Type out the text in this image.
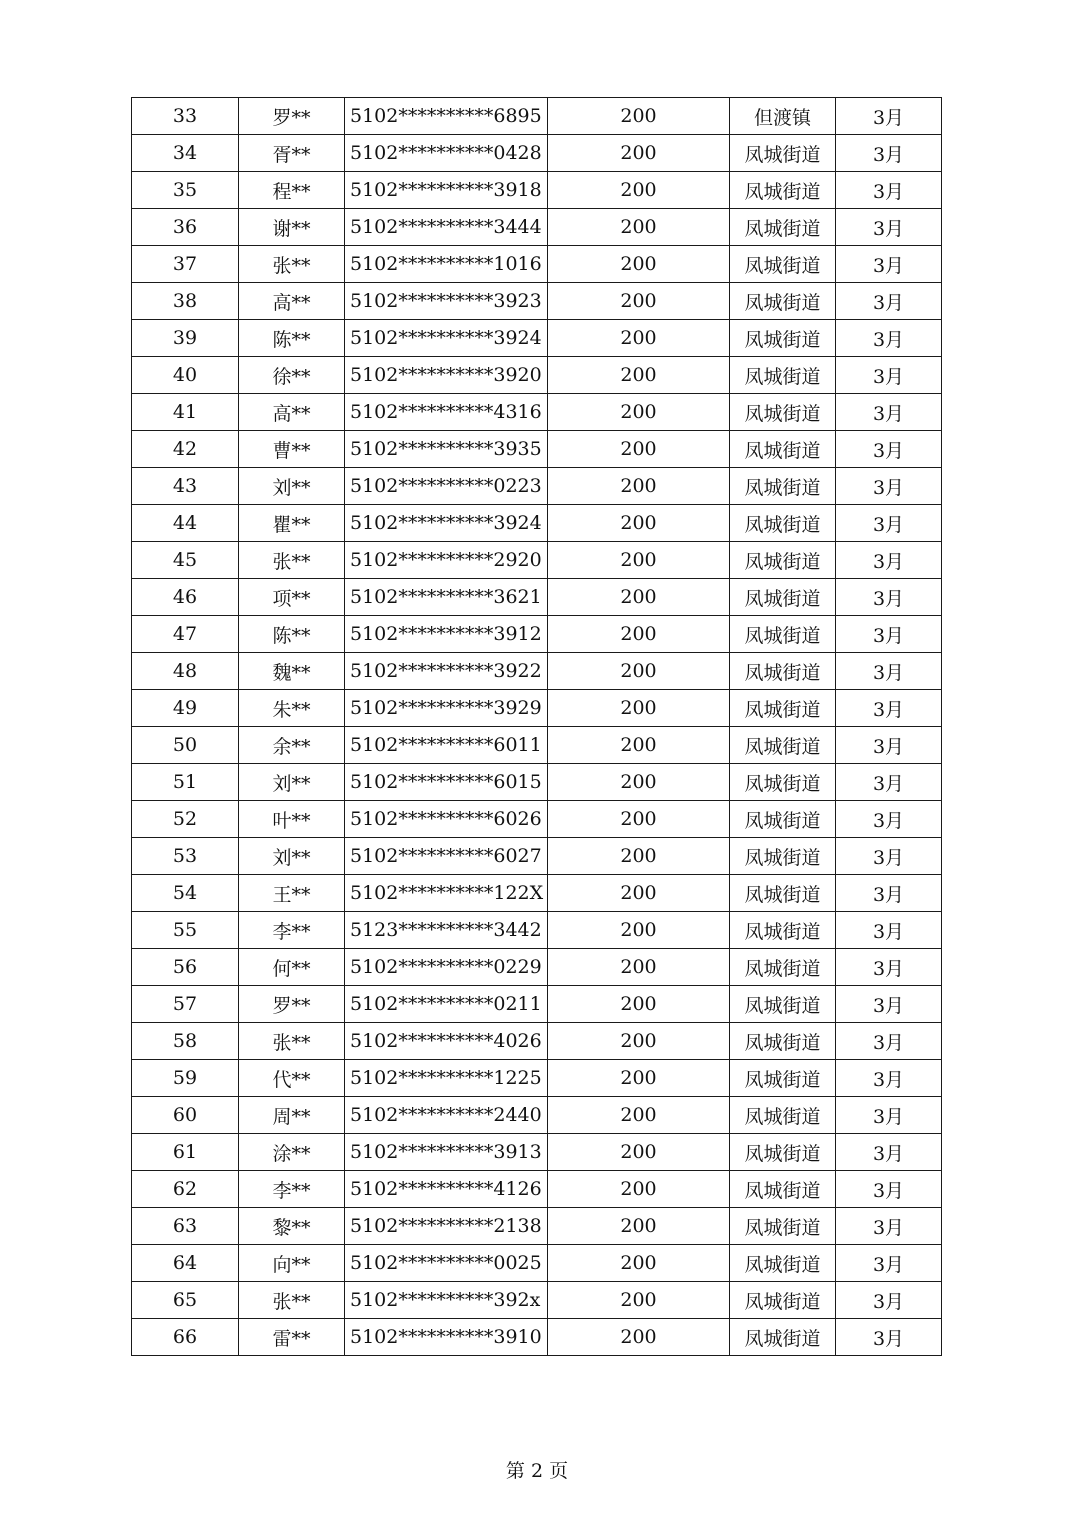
33	罗**	5102**********6895	200	但渡镇	3月
34	胥**	5102**********0428	200	凤城街道	3月
35	程**	5102**********3918	200	凤城街道	3月
36	谢**	5102**********3444	200	凤城街道	3月
37	张**	5102**********1016	200	凤城街道	3月
38	高**	5102**********3923	200	凤城街道	3月
39	陈**	5102**********3924	200	凤城街道	3月
40	徐**	5102**********3920	200	凤城街道	3月
41	高**	5102**********4316	200	凤城街道	3月
42	曹**	5102**********3935	200	凤城街道	3月
43	刘**	5102**********0223	200	凤城街道	3月
44	瞿**	5102**********3924	200	凤城街道	3月
45	张**	5102**********2920	200	凤城街道	3月
46	项**	5102**********3621	200	凤城街道	3月
47	陈**	5102**********3912	200	凤城街道	3月
48	魏**	5102**********3922	200	凤城街道	3月
49	朱**	5102**********3929	200	凤城街道	3月
50	余**	5102**********6011	200	凤城街道	3月
51	刘**	5102**********6015	200	凤城街道	3月
52	叶**	5102**********6026	200	凤城街道	3月
53	刘**	5102**********6027	200	凤城街道	3月
54	王**	5102**********122X	200	凤城街道	3月
55	李**	5123**********3442	200	凤城街道	3月
56	何**	5102**********0229	200	凤城街道	3月
57	罗**	5102**********0211	200	凤城街道	3月
58	张**	5102**********4026	200	凤城街道	3月
59	代**	5102**********1225	200	凤城街道	3月
60	周**	5102**********2440	200	凤城街道	3月
61	涂**	5102**********3913	200	凤城街道	3月
62	李**	5102**********4126	200	凤城街道	3月
63	黎**	5102**********2138	200	凤城街道	3月
64	向**	5102**********0025	200	凤城街道	3月
65	张**	5102**********392x	200	凤城街道	3月
66	雷**	5102**********3910	200	凤城街道	3月
第 2 页
